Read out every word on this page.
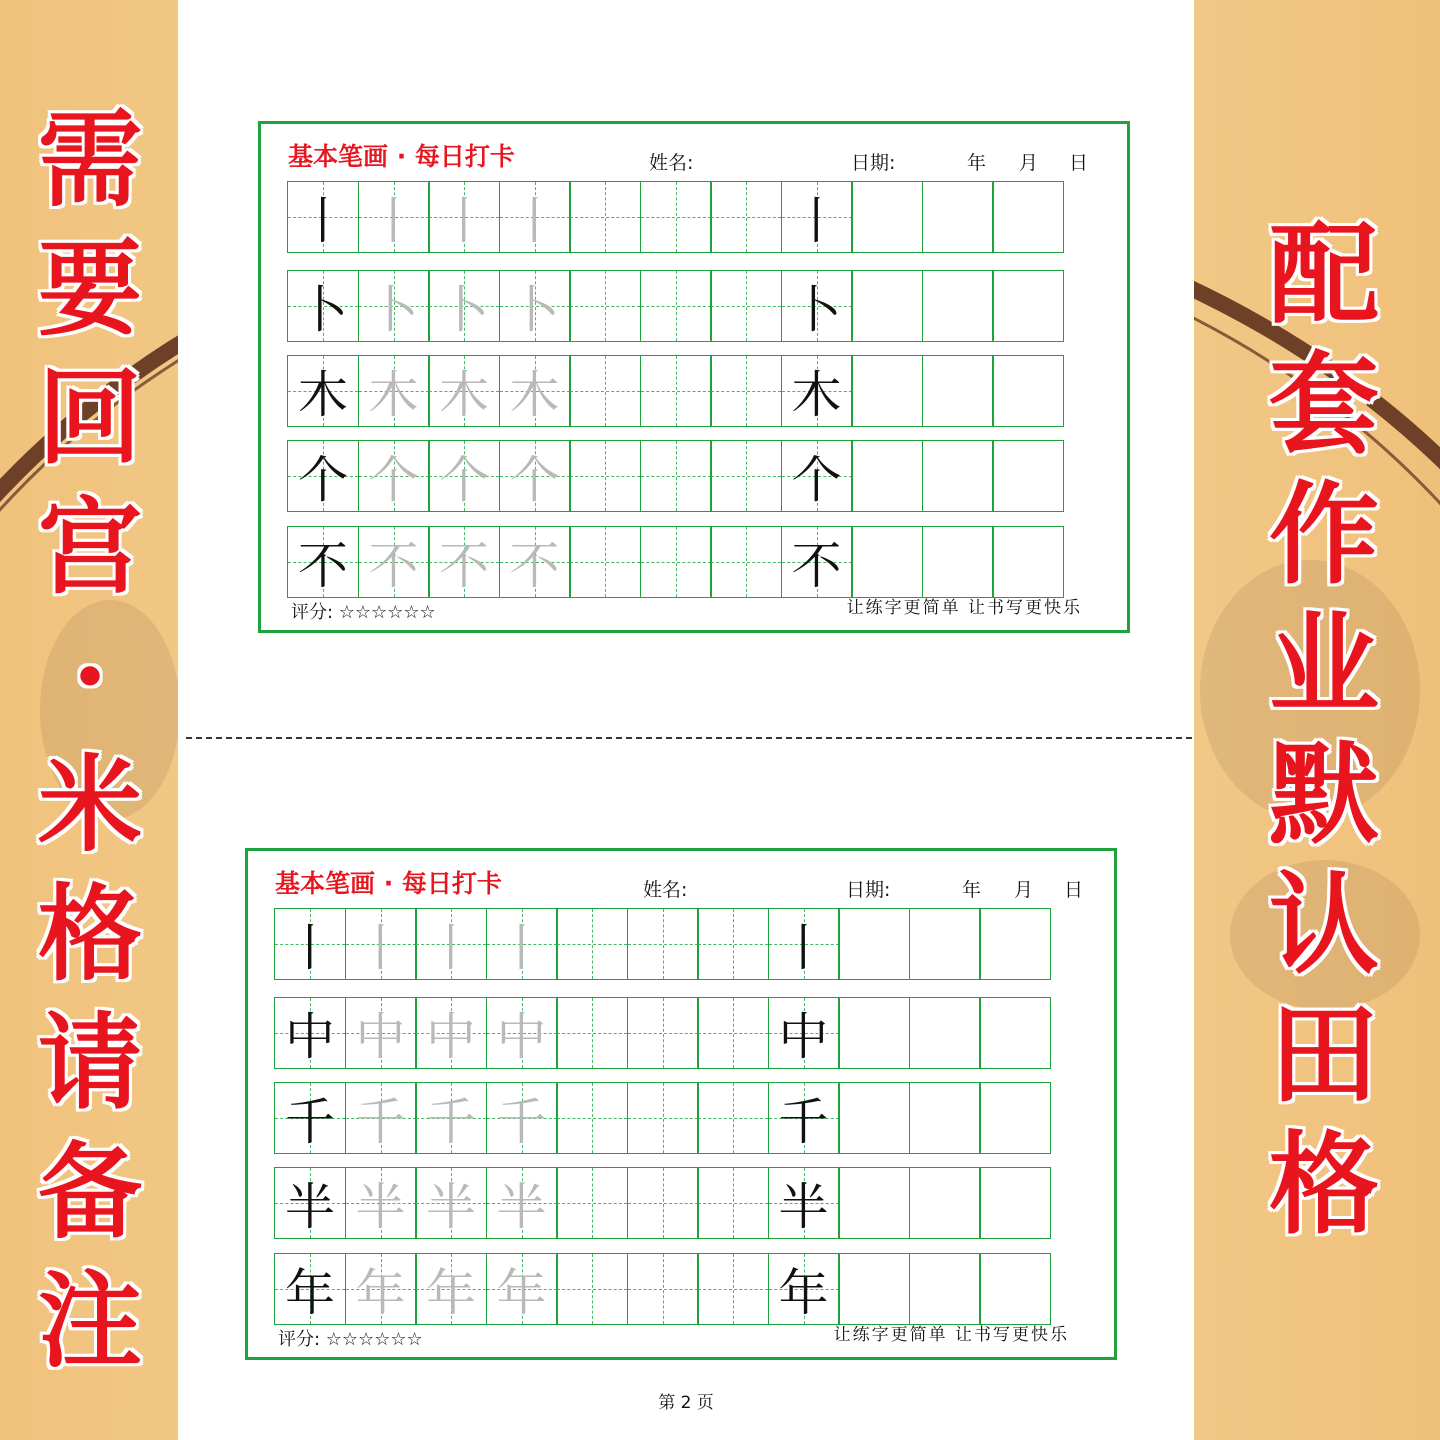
需
要
回
宫
·
米
格
请
备
注
配
套
作
业
默
认
田
格
基本笔画 · 每日打卡	姓名:	日期:	年 月 日
丨 丨 丨 丨	丨
卜 卜 卜 卜	卜
木 木 木 木	木
个 个 个 个	个
不 不 不 不	不
评分: ☆☆☆☆☆☆	让练字更简单 让书写更快乐
基本笔画 · 每日打卡	姓名:	日期:	年 月 日
丨 丨 丨 丨	丨
中 中 中 中	中
千 千 千 千	千
半 半 半 半	半
年 年 年 年	年
评分: ☆☆☆☆☆☆	让练字更简单 让书写更快乐
第 2 页
